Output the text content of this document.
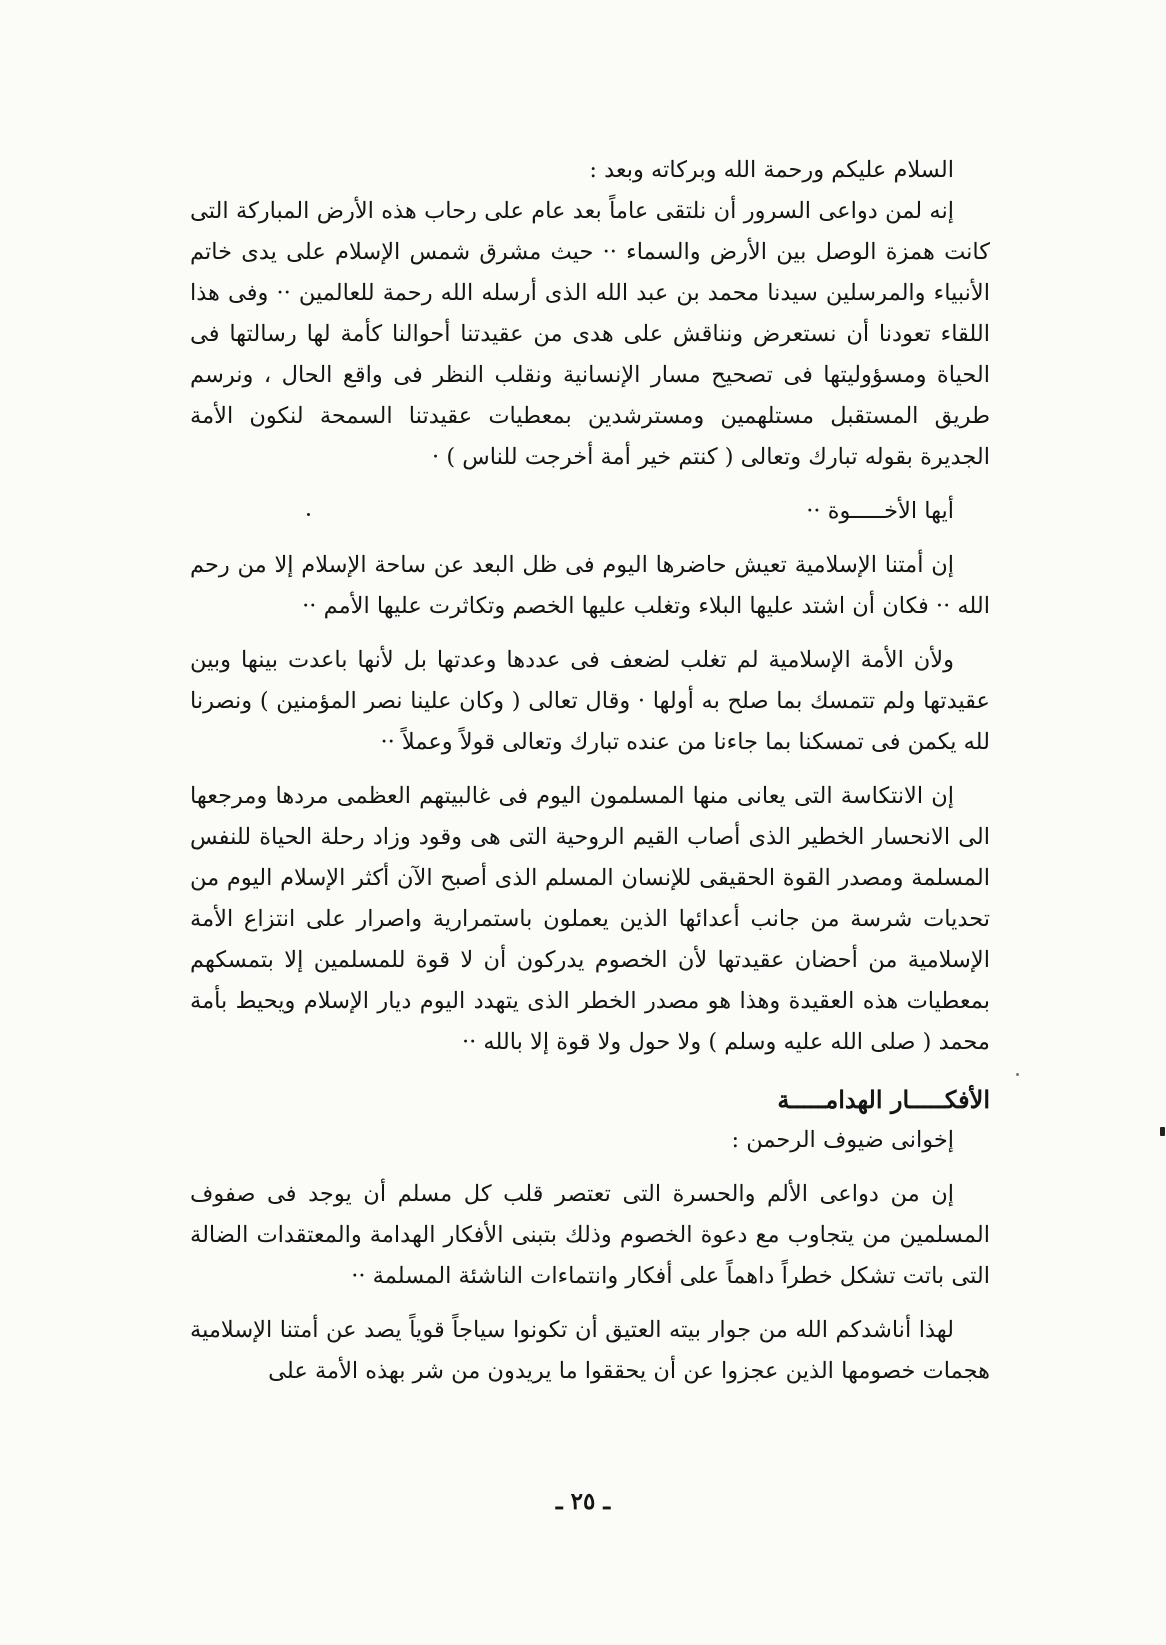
السلام عليكم ورحمة الله وبركاته وبعد :

إنه لمن دواعى السرور أن نلتقى عاماً بعد عام على رحاب هذه الأرض المباركة التى كانت همزة الوصل بين الأرض والسماء ·· حيث مشرق شمس الإسلام على يدى خاتم الأنبياء والمرسلين سيدنا محمد بن عبد الله الذى أرسله الله رحمة للعالمين ·· وفى هذا اللقاء تعودنا أن نستعرض ونناقش على هدى من عقيدتنا أحوالنا كأمة لها رسالتها فى الحياة ومسؤوليتها فى تصحيح مسار الإنسانية ونقلب النظر فى واقع الحال ، ونرسم طريق المستقبل مستلهمين ومسترشدين بمعطيات عقيدتنا السمحة لنكون الأمة الجديرة بقوله تبارك وتعالى ( كنتم خير أمة أخرجت للناس ) ·

أيها الأخـــــوة ··

إن أمتنا الإسلامية تعيش حاضرها اليوم فى ظل البعد عن ساحة الإسلام إلا من رحم الله ·· فكان أن اشتد عليها البلاء وتغلب عليها الخصم وتكاثرت عليها الأمم ··

ولأن الأمة الإسلامية لم تغلب لضعف فى عددها وعدتها بل لأنها باعدت بينها وبين عقيدتها ولم تتمسك بما صلح به أولها · وقال تعالى ( وكان علينا نصر المؤمنين ) ونصرنا لله يكمن فى تمسكنا بما جاءنا من عنده تبارك وتعالى قولاً وعملاً ··

إن الانتكاسة التى يعانى منها المسلمون اليوم فى غالبيتهم العظمى مردها ومرجعها الى الانحسار الخطير الذى أصاب القيم الروحية التى هى وقود وزاد رحلة الحياة للنفس المسلمة ومصدر القوة الحقيقى للإنسان المسلم الذى أصبح الآن أكثر الإسلام اليوم من تحديات شرسة من جانب أعدائها الذين يعملون باستمرارية واصرار على انتزاع الأمة الإسلامية من أحضان عقيدتها لأن الخصوم يدركون أن لا قوة للمسلمين إلا بتمسكهم بمعطيات هذه العقيدة وهذا هو مصدر الخطر الذى يتهدد اليوم ديار الإسلام ويحيط بأمة محمد ( صلى الله عليه وسلم ) ولا حول ولا قوة إلا بالله ··

الأفكـــــار الهدامـــــة

إخوانى ضيوف الرحمن :

إن من دواعى الألم والحسرة التى تعتصر قلب كل مسلم أن يوجد فى صفوف المسلمين من يتجاوب مع دعوة الخصوم وذلك بتبنى الأفكار الهدامة والمعتقدات الضالة التى باتت تشكل خطراً داهماً على أفكار وانتماءات الناشئة المسلمة ··

لهذا أناشدكم الله من جوار بيته العتيق أن تكونوا سياجاً قوياً يصد عن أمتنا الإسلامية هجمات خصومها الذين عجزوا عن أن يحققوا ما يريدون من شر بهذه الأمة على

ـ ٢٥ ـ
